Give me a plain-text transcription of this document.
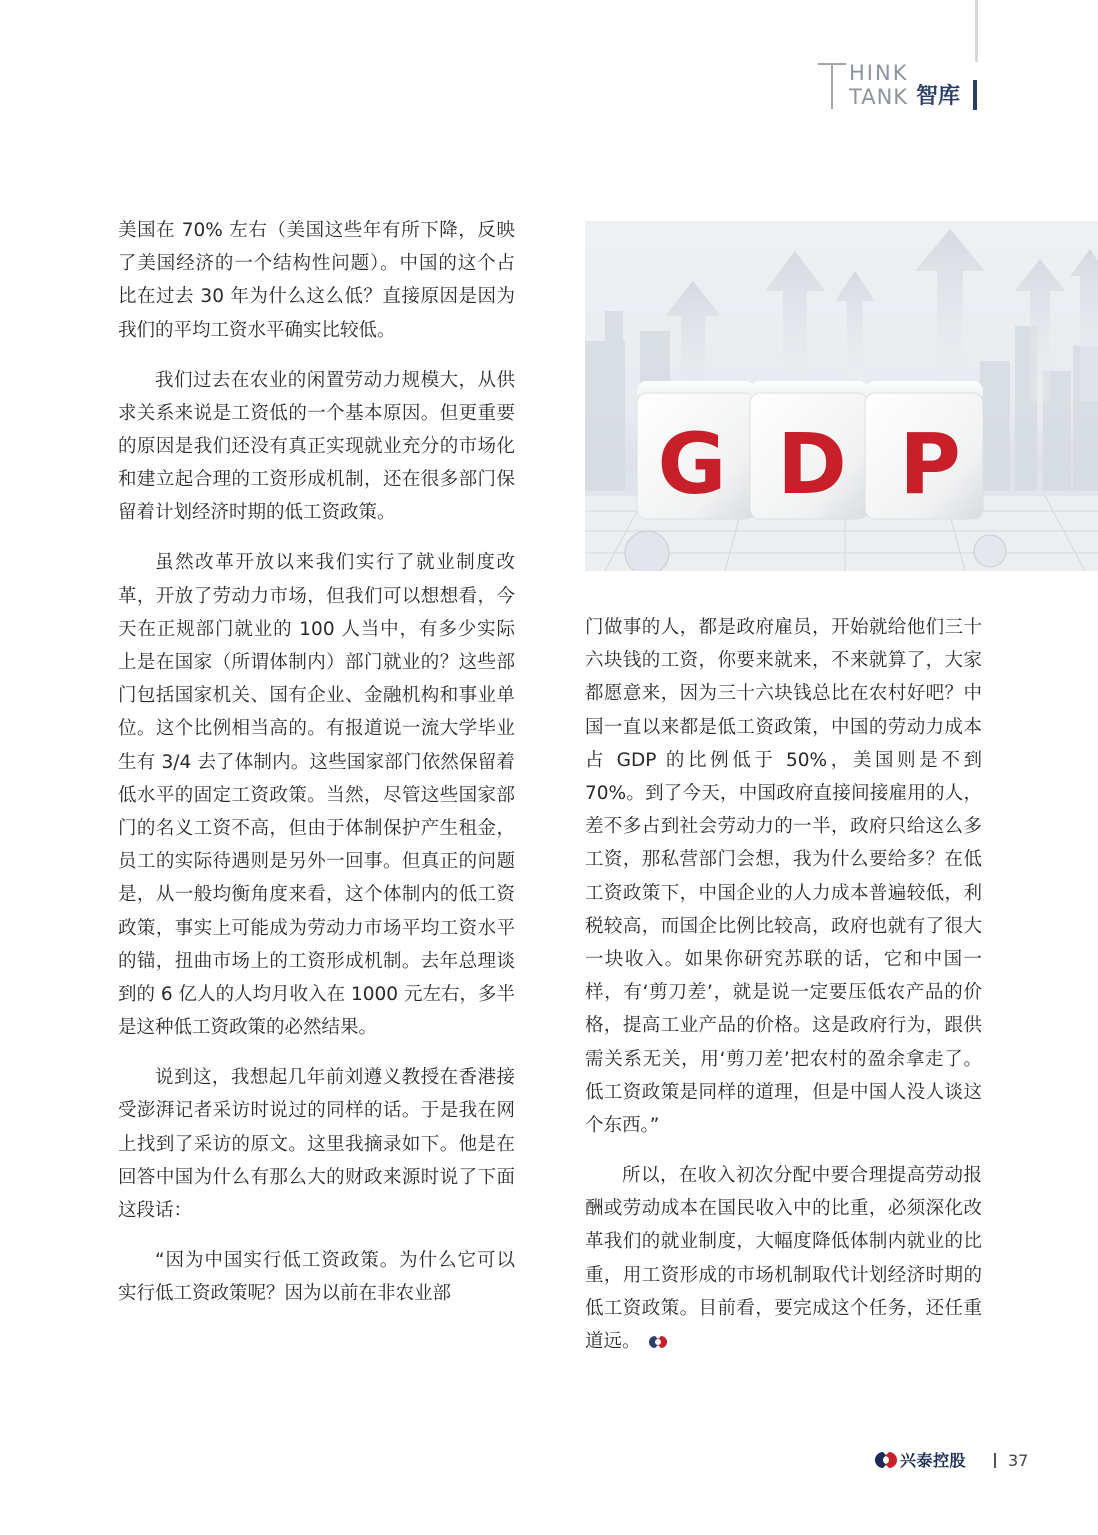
HINK
TANK 智库

美国在 70% 左右（美国这些年有所下降，反映了美国经济的一个结构性问题）。中国的这个占比在过去 30 年为什么这么低？直接原因是因为我们的平均工资水平确实比较低。

我们过去在农业的闲置劳动力规模大，从供求关系来说是工资低的一个基本原因。但更重要的原因是我们还没有真正实现就业充分的市场化和建立起合理的工资形成机制，还在很多部门保留着计划经济时期的低工资政策。

虽然改革开放以来我们实行了就业制度改革，开放了劳动力市场，但我们可以想想看，今天在正规部门就业的 100 人当中，有多少实际上是在国家（所谓体制内）部门就业的？这些部门包括国家机关、国有企业、金融机构和事业单位。这个比例相当高的。有报道说一流大学毕业生有 3/4 去了体制内。这些国家部门依然保留着低水平的固定工资政策。当然，尽管这些国家部门的名义工资不高，但由于体制保护产生租金，员工的实际待遇则是另外一回事。但真正的问题是，从一般均衡角度来看，这个体制内的低工资政策，事实上可能成为劳动力市场平均工资水平的锚，扭曲市场上的工资形成机制。去年总理谈到的 6 亿人的人均月收入在 1000 元左右，多半是这种低工资政策的必然结果。

说到这，我想起几年前刘遵义教授在香港接受澎湃记者采访时说过的同样的话。于是我在网上找到了采访的原文。这里我摘录如下。他是在回答中国为什么有那么大的财政来源时说了下面这段话：

“因为中国实行低工资政策。为什么它可以实行低工资政策呢？因为以前在非农业部

G D P

门做事的人，都是政府雇员，开始就给他们三十六块钱的工资，你要来就来，不来就算了，大家都愿意来，因为三十六块钱总比在农村好吧？中国一直以来都是低工资政策，中国的劳动力成本占 GDP 的比例低于 50%，美国则是不到 70%。到了今天，中国政府直接间接雇用的人，差不多占到社会劳动力的一半，政府只给这么多工资，那私营部门会想，我为什么要给多？在低工资政策下，中国企业的人力成本普遍较低，利税较高，而国企比例比较高，政府也就有了很大一块收入。如果你研究苏联的话，它和中国一样，有‘剪刀差’，就是说一定要压低农产品的价格，提高工业产品的价格。这是政府行为，跟供需关系无关，用‘剪刀差’把农村的盈余拿走了。低工资政策是同样的道理，但是中国人没人谈这个东西。”

所以，在收入初次分配中要合理提高劳动报酬或劳动成本在国民收入中的比重，必须深化改革我们的就业制度，大幅度降低体制内就业的比重，用工资形成的市场机制取代计划经济时期的低工资政策。目前看，要完成这个任务，还任重道远。

兴泰控股	37
